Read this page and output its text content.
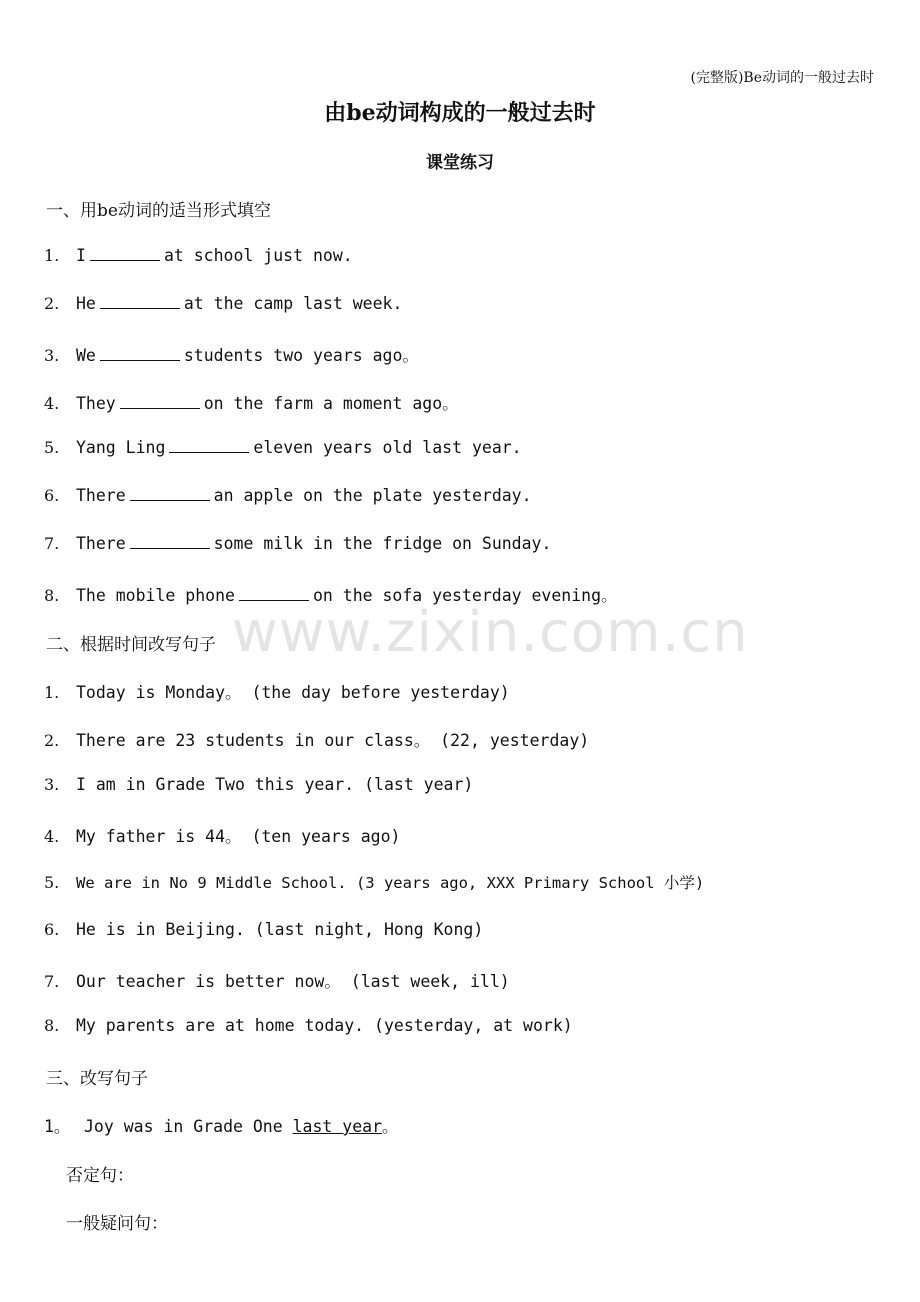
(完整版)Be动词的一般过去时
由be动词构成的一般过去时
课堂练习
一、用be动词的适当形式填空
1.	I	at school just now.
2.	He	at the camp last week.
3.	We	students two years ago。
4.	They	on the farm a moment ago。
5.	Yang Ling	eleven years old last year.
6.	There	an apple on the plate yesterday.
7.	There	some milk in the fridge on Sunday.
8.	The mobile phone	on the sofa yesterday evening。
二、根据时间改写句子
1.	Today is Monday。 (the day before yesterday)
2.	There are 23 students in our class。 (22, yesterday)
3.	I am in Grade Two this year. (last year)
4.	My father is 44。 (ten years ago)
5.	We are in No 9 Middle School. (3 years ago, XXX Primary School 小学)
6.	He is in Beijing. (last night, Hong Kong)
7.	Our teacher is better now。 (last week, ill)
8.	My parents are at home today. (yesterday, at work)
三、改写句子
1。 Joy was in Grade One
last year 。
否定句：
一般疑问句：
www.zixin.com.cn
